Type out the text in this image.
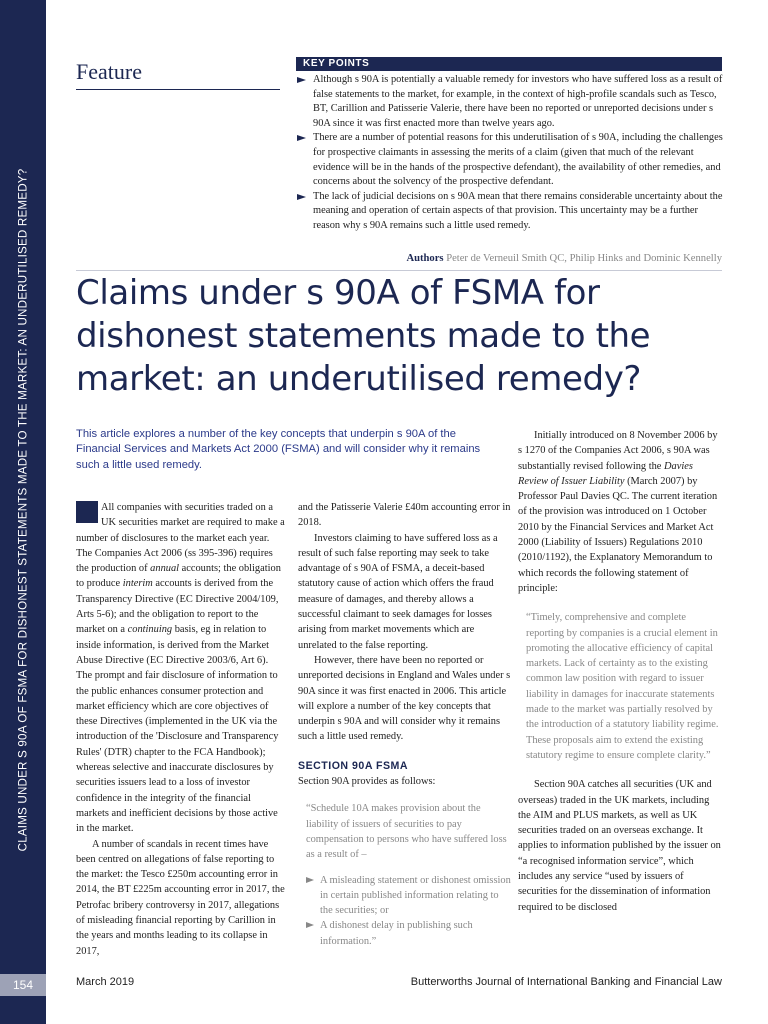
CLAIMS UNDER S 90A OF FSMA FOR DISHONEST STATEMENTS MADE TO THE MARKET: AN UNDERUTILISED REMEDY?
154
Feature	KEY POINTS
Although s 90A is potentially a valuable remedy for investors who have suffered loss as a result of false statements to the market, for example, in the context of high-profile scandals such as Tesco, BT, Carillion and Patisserie Valerie, there have been no reported or unreported decisions under s 90A since it was first enacted more than twelve years ago.
There are a number of potential reasons for this underutilisation of s 90A, including the challenges for prospective claimants in assessing the merits of a claim (given that much of the relevant evidence will be in the hands of the prospective defendant), the availability of other remedies, and concerns about the solvency of the prospective defendant.
The lack of judicial decisions on s 90A mean that there remains considerable uncertainty about the meaning and operation of certain aspects of that provision. This uncertainty may be a further reason why s 90A remains such a little used remedy.
Authors Peter de Verneuil Smith QC, Philip Hinks and Dominic Kennelly
Claims under s 90A of FSMA for dishonest statements made to the market: an underutilised remedy?

This article explores a number of the key concepts that underpin s 90A of the Financial Services and Markets Act 2000 (FSMA) and will consider why it remains such a little used remedy.

All companies with securities traded on a UK securities market are required to make a number of disclosures to the market each year. The Companies Act 2006 (ss 395-396) requires the production of annual accounts; the obligation to produce interim accounts is derived from the Transparency Directive (EC Directive 2004/109, Arts 5-6); and the obligation to report to the market on a continuing basis, eg in relation to inside information, is derived from the Market Abuse Directive (EC Directive 2003/6, Art 6). The prompt and fair disclosure of information to the public enhances consumer protection and market efficiency which are core objectives of these Directives (implemented in the UK via the introduction of the 'Disclosure and Transparency Rules' (DTR) chapter to the FCA Handbook); whereas selective and inaccurate disclosures by securities issuers lead to a loss of investor confidence in the integrity of the financial markets and inefficient decisions by those active in the market.

A number of scandals in recent times have been centred on allegations of false reporting to the market: the Tesco £250m accounting error in 2014, the BT £225m accounting error in 2017, the Petrofac bribery controversy in 2017, allegations of misleading financial reporting by Carillion in the years and months leading to its collapse in 2017,

and the Patisserie Valerie £40m accounting error in 2018.

Investors claiming to have suffered loss as a result of such false reporting may seek to take advantage of s 90A of FSMA, a deceit-based statutory cause of action which offers the fraud measure of damages, and thereby allows a successful claimant to seek damages for losses arising from market movements which are unrelated to the false reporting.

However, there have been no reported or unreported decisions in England and Wales under s 90A since it was first enacted in 2006. This article will explore a number of the key concepts that underpin s 90A and will consider why it remains such a little used remedy.

SECTION 90A FSMA

Section 90A provides as follows:

“Schedule 10A makes provision about the liability of issuers of securities to pay compensation to persons who have suffered loss as a result of –

A misleading statement or dishonest omission in certain published information relating to the securities; or
A dishonest delay in publishing such information.”

Initially introduced on 8 November 2006 by s 1270 of the Companies Act 2006, s 90A was substantially revised following the Davies Review of Issuer Liability (March 2007) by Professor Paul Davies QC. The current iteration of the provision was introduced on 1 October 2010 by the Financial Services and Market Act 2000 (Liability of Issuers) Regulations 2010 (2010/1192), the Explanatory Memorandum to which records the following statement of principle:

“Timely, comprehensive and complete reporting by companies is a crucial element in promoting the allocative efficiency of capital markets. Lack of certainty as to the existing common law position with regard to issuer liability in damages for inaccurate statements made to the market was partially resolved by the introduction of a statutory liability regime. These proposals aim to extend the existing statutory regime to ensure complete clarity.”

Section 90A catches all securities (UK and overseas) traded in the UK markets, including the AIM and PLUS markets, as well as UK securities traded on an overseas exchange. It applies to information published by the issuer on “a recognised information service”, which includes any service “used by issuers of securities for the dissemination of information required to be disclosed

March 2019	Butterworths Journal of International Banking and Financial Law
